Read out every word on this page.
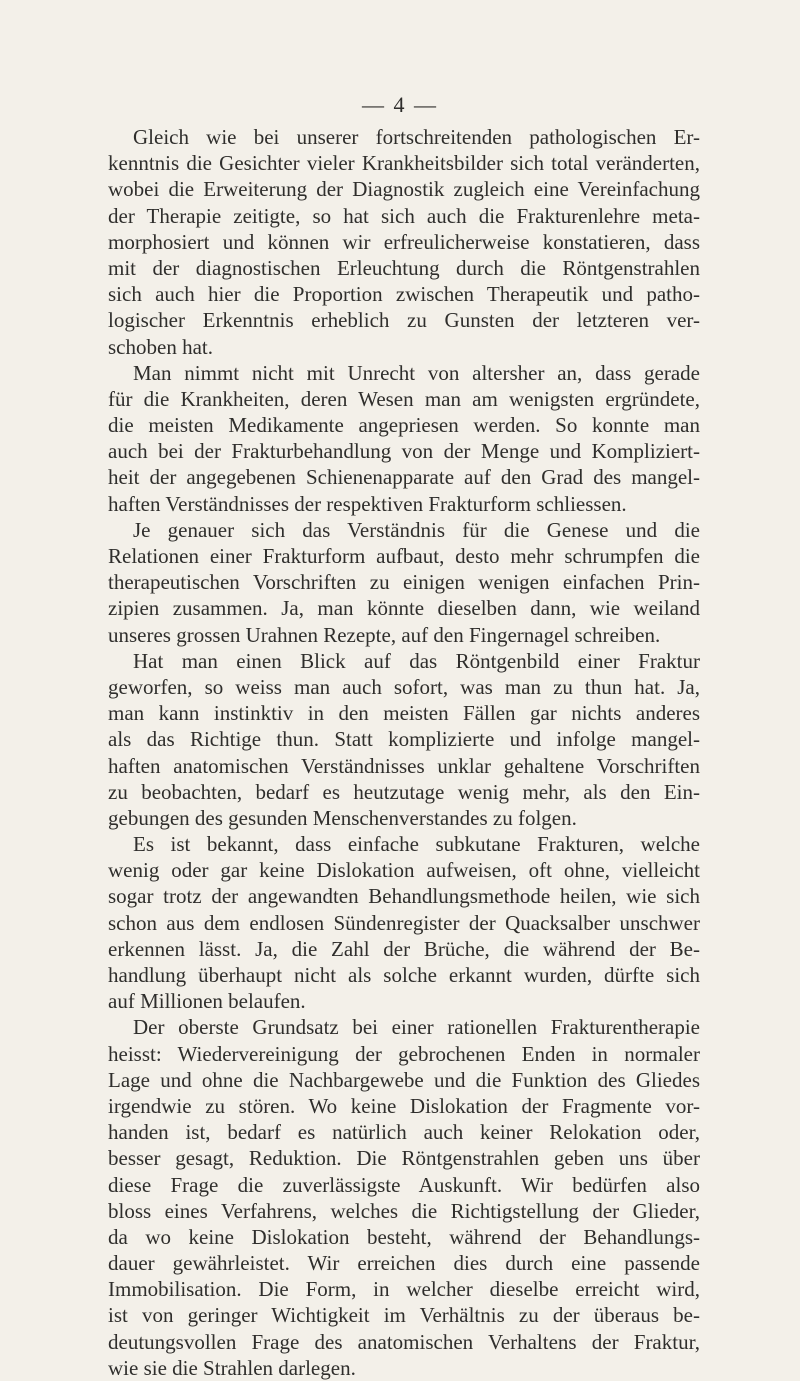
— 4 —
Gleich wie bei unserer fortschreitenden pathologischen Er-
kenntnis die Gesichter vieler Krankheitsbilder sich total veränderten,
wobei die Erweiterung der Diagnostik zugleich eine Vereinfachung
der Therapie zeitigte, so hat sich auch die Frakturenlehre meta-
morphosiert und können wir erfreulicherweise konstatieren, dass
mit der diagnostischen Erleuchtung durch die Röntgenstrahlen
sich auch hier die Proportion zwischen Therapeutik und patho-
logischer Erkenntnis erheblich zu Gunsten der letzteren ver-
schoben hat.
Man nimmt nicht mit Unrecht von altersher an, dass gerade
für die Krankheiten, deren Wesen man am wenigsten ergründete,
die meisten Medikamente angepriesen werden. So konnte man
auch bei der Frakturbehandlung von der Menge und Kompliziert-
heit der angegebenen Schienenapparate auf den Grad des mangel-
haften Verständnisses der respektiven Frakturform schliessen.
Je genauer sich das Verständnis für die Genese und die
Relationen einer Frakturform aufbaut, desto mehr schrumpfen die
therapeutischen Vorschriften zu einigen wenigen einfachen Prin-
zipien zusammen. Ja, man könnte dieselben dann, wie weiland
unseres grossen Urahnen Rezepte, auf den Fingernagel schreiben.
Hat man einen Blick auf das Röntgenbild einer Fraktur
geworfen, so weiss man auch sofort, was man zu thun hat. Ja,
man kann instinktiv in den meisten Fällen gar nichts anderes
als das Richtige thun. Statt komplizierte und infolge mangel-
haften anatomischen Verständnisses unklar gehaltene Vorschriften
zu beobachten, bedarf es heutzutage wenig mehr, als den Ein-
gebungen des gesunden Menschenverstandes zu folgen.
Es ist bekannt, dass einfache subkutane Frakturen, welche
wenig oder gar keine Dislokation aufweisen, oft ohne, vielleicht
sogar trotz der angewandten Behandlungsmethode heilen, wie sich
schon aus dem endlosen Sündenregister der Quacksalber unschwer
erkennen lässt. Ja, die Zahl der Brüche, die während der Be-
handlung überhaupt nicht als solche erkannt wurden, dürfte sich
auf Millionen belaufen.
Der oberste Grundsatz bei einer rationellen Frakturentherapie
heisst: Wiedervereinigung der gebrochenen Enden in normaler
Lage und ohne die Nachbargewebe und die Funktion des Gliedes
irgendwie zu stören. Wo keine Dislokation der Fragmente vor-
handen ist, bedarf es natürlich auch keiner Relokation oder,
besser gesagt, Reduktion. Die Röntgenstrahlen geben uns über
diese Frage die zuverlässigste Auskunft. Wir bedürfen also
bloss eines Verfahrens, welches die Richtigstellung der Glieder,
da wo keine Dislokation besteht, während der Behandlungs-
dauer gewährleistet. Wir erreichen dies durch eine passende
Immobilisation. Die Form, in welcher dieselbe erreicht wird,
ist von geringer Wichtigkeit im Verhältnis zu der überaus be-
deutungsvollen Frage des anatomischen Verhaltens der Fraktur,
wie sie die Strahlen darlegen.
